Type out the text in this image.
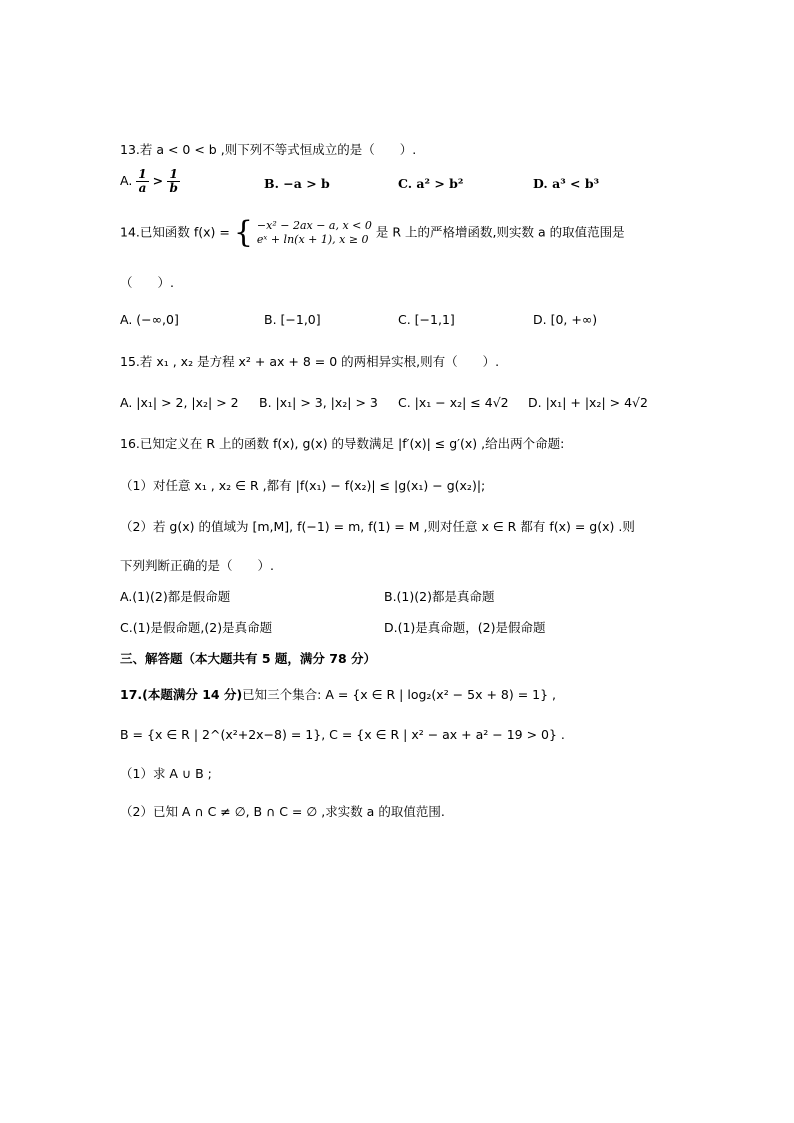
13.若 a < 0 < b ,则下列不等式恒成立的是（　　）.
A. $\frac{1}{a} > \frac{1}{b}$	B. −a > b	C. a² > b²	D. a³ < b³
14.已知函数 f(x) = { −x² − 2ax − a, x < 0
eˣ + ln(x + 1), x ≥ 0 是 R 上的严格增函数,则实数 a 的取值范围是
（　　）.
A. (−∞,0]	B. [−1,0]	C. [−1,1]	D. [0, +∞)
15.若 x₁ , x₂ 是方程 x² + ax + 8 = 0 的两相异实根,则有（　　）.
A. |x₁| > 2, |x₂| > 2 B. |x₁| > 3, |x₂| > 3 C. |x₁ − x₂| ≤ 4√2 D. |x₁| + |x₂| > 4√2
16.已知定义在 R 上的函数 f(x), g(x) 的导数满足 |f′(x)| ≤ g′(x) ,给出两个命题:
（1）对任意 x₁ , x₂ ∈ R ,都有 |f(x₁) − f(x₂)| ≤ |g(x₁) − g(x₂)|;
（2）若 g(x) 的值域为 [m,M], f(−1) = m, f(1) = M ,则对任意 x ∈ R 都有 f(x) = g(x) .则
下列判断正确的是（　　）.
A.(1)(2)都是假命题	B.(1)(2)都是真命题
C.(1)是假命题,(2)是真命题	D.(1)是真命题，(2)是假命题
三、解答题（本大题共有 5 题，满分 78 分）
17.(本题满分 14 分)已知三个集合: A = {x ∈ R | log₂(x² − 5x + 8) = 1} ,
B = {x ∈ R | 2^(x²+2x−8) = 1}, C = {x ∈ R | x² − ax + a² − 19 > 0} .
（1）求 A ∪ B ;
（2）已知 A ∩ C ≠ ∅, B ∩ C = ∅ ,求实数 a 的取值范围.
